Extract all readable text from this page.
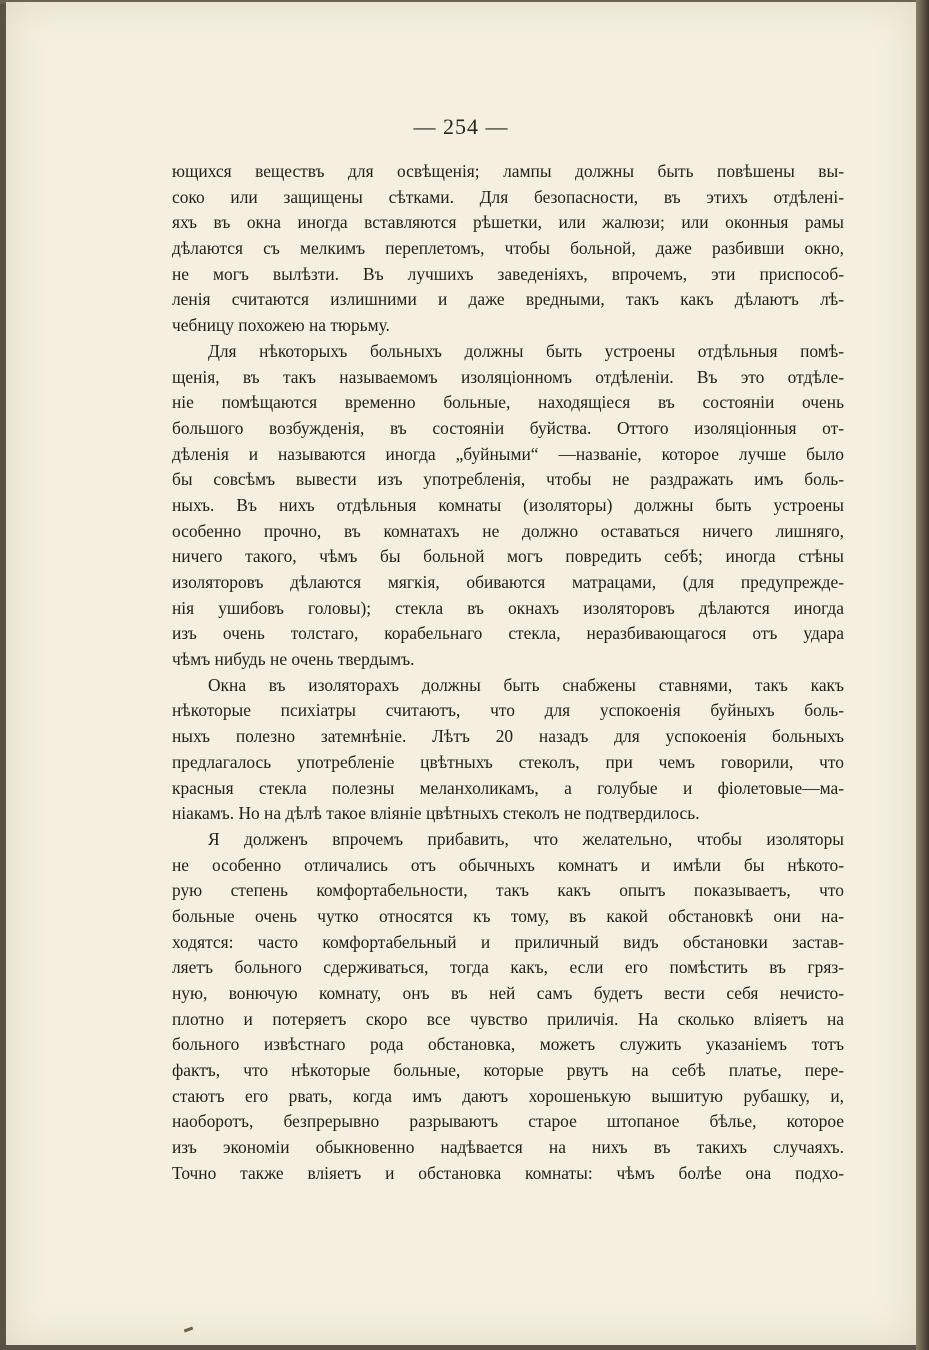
— 254 —
ющихся веществъ для освѣщенія; лампы должны быть повѣшены вы-
соко или защищены сѣтками. Для безопасности, въ этихъ отдѣлені-
яхъ въ окна иногда вставляются рѣшетки, или жалюзи; или оконныя рамы
дѣлаются съ мелкимъ переплетомъ, чтобы больной, даже разбивши окно,
не могъ вылѣзти. Въ лучшихъ заведеніяхъ, впрочемъ, эти приспособ-
ленія считаются излишними и даже вредными, такъ какъ дѣлаютъ лѣ-
чебницу похожею на тюрьму.
Для нѣкоторыхъ больныхъ должны быть устроены отдѣльныя помѣ-
щенія, въ такъ называемомъ изоляціонномъ отдѣленіи. Въ это отдѣле-
ніе помѣщаются временно больные, находящіеся въ состояніи очень
большого возбужденія, въ состояніи буйства. Оттого изоляціонныя от-
дѣленія и называются иногда „буйными“ —названіе, которое лучше было
бы совсѣмъ вывести изъ употребленія, чтобы не раздражать имъ боль-
ныхъ. Въ нихъ отдѣльныя комнаты (изоляторы) должны быть устроены
особенно прочно, въ комнатахъ не должно оставаться ничего лишняго,
ничего такого, чѣмъ бы больной могъ повредить себѣ; иногда стѣны
изоляторовъ дѣлаются мягкія, обиваются матрацами, (для предупрежде-
нія ушибовъ головы); стекла въ окнахъ изоляторовъ дѣлаются иногда
изъ очень толстаго, корабельнаго стекла, неразбивающагося отъ удара
чѣмъ нибудь не очень твердымъ.
Окна въ изоляторахъ должны быть снабжены ставнями, такъ какъ
нѣкоторые психіатры считаютъ, что для успокоенія буйныхъ боль-
ныхъ полезно затемнѣніе. Лѣтъ 20 назадъ для успокоенія больныхъ
предлагалось употребленіе цвѣтныхъ стеколъ, при чемъ говорили, что
красныя стекла полезны меланхоликамъ, а голубые и фіолетовые—ма-
ніакамъ. Но на дѣлѣ такое вліяніе цвѣтныхъ стеколъ не подтвердилось.
Я долженъ впрочемъ прибавить, что желательно, чтобы изоляторы
не особенно отличались отъ обычныхъ комнатъ и имѣли бы нѣкото-
рую степень комфортабельности, такъ какъ опытъ показываетъ, что
больные очень чутко относятся къ тому, въ какой обстановкѣ они на-
ходятся: часто комфортабельный и приличный видъ обстановки застав-
ляетъ больного сдерживаться, тогда какъ, если его помѣстить въ гряз-
ную, вонючую комнату, онъ въ ней самъ будетъ вести себя нечисто-
плотно и потеряетъ скоро все чувство приличія. На сколько вліяетъ на
больного извѣстнаго рода обстановка, можетъ служить указаніемъ тотъ
фактъ, что нѣкоторые больные, которые рвутъ на себѣ платье, пере-
стаютъ его рвать, когда имъ даютъ хорошенькую вышитую рубашку, и,
наоборотъ, безпрерывно разрываютъ старое штопаное бѣлье, которое
изъ экономіи обыкновенно надѣвается на нихъ въ такихъ случаяхъ.
Точно также вліяетъ и обстановка комнаты: чѣмъ болѣе она подхо-
